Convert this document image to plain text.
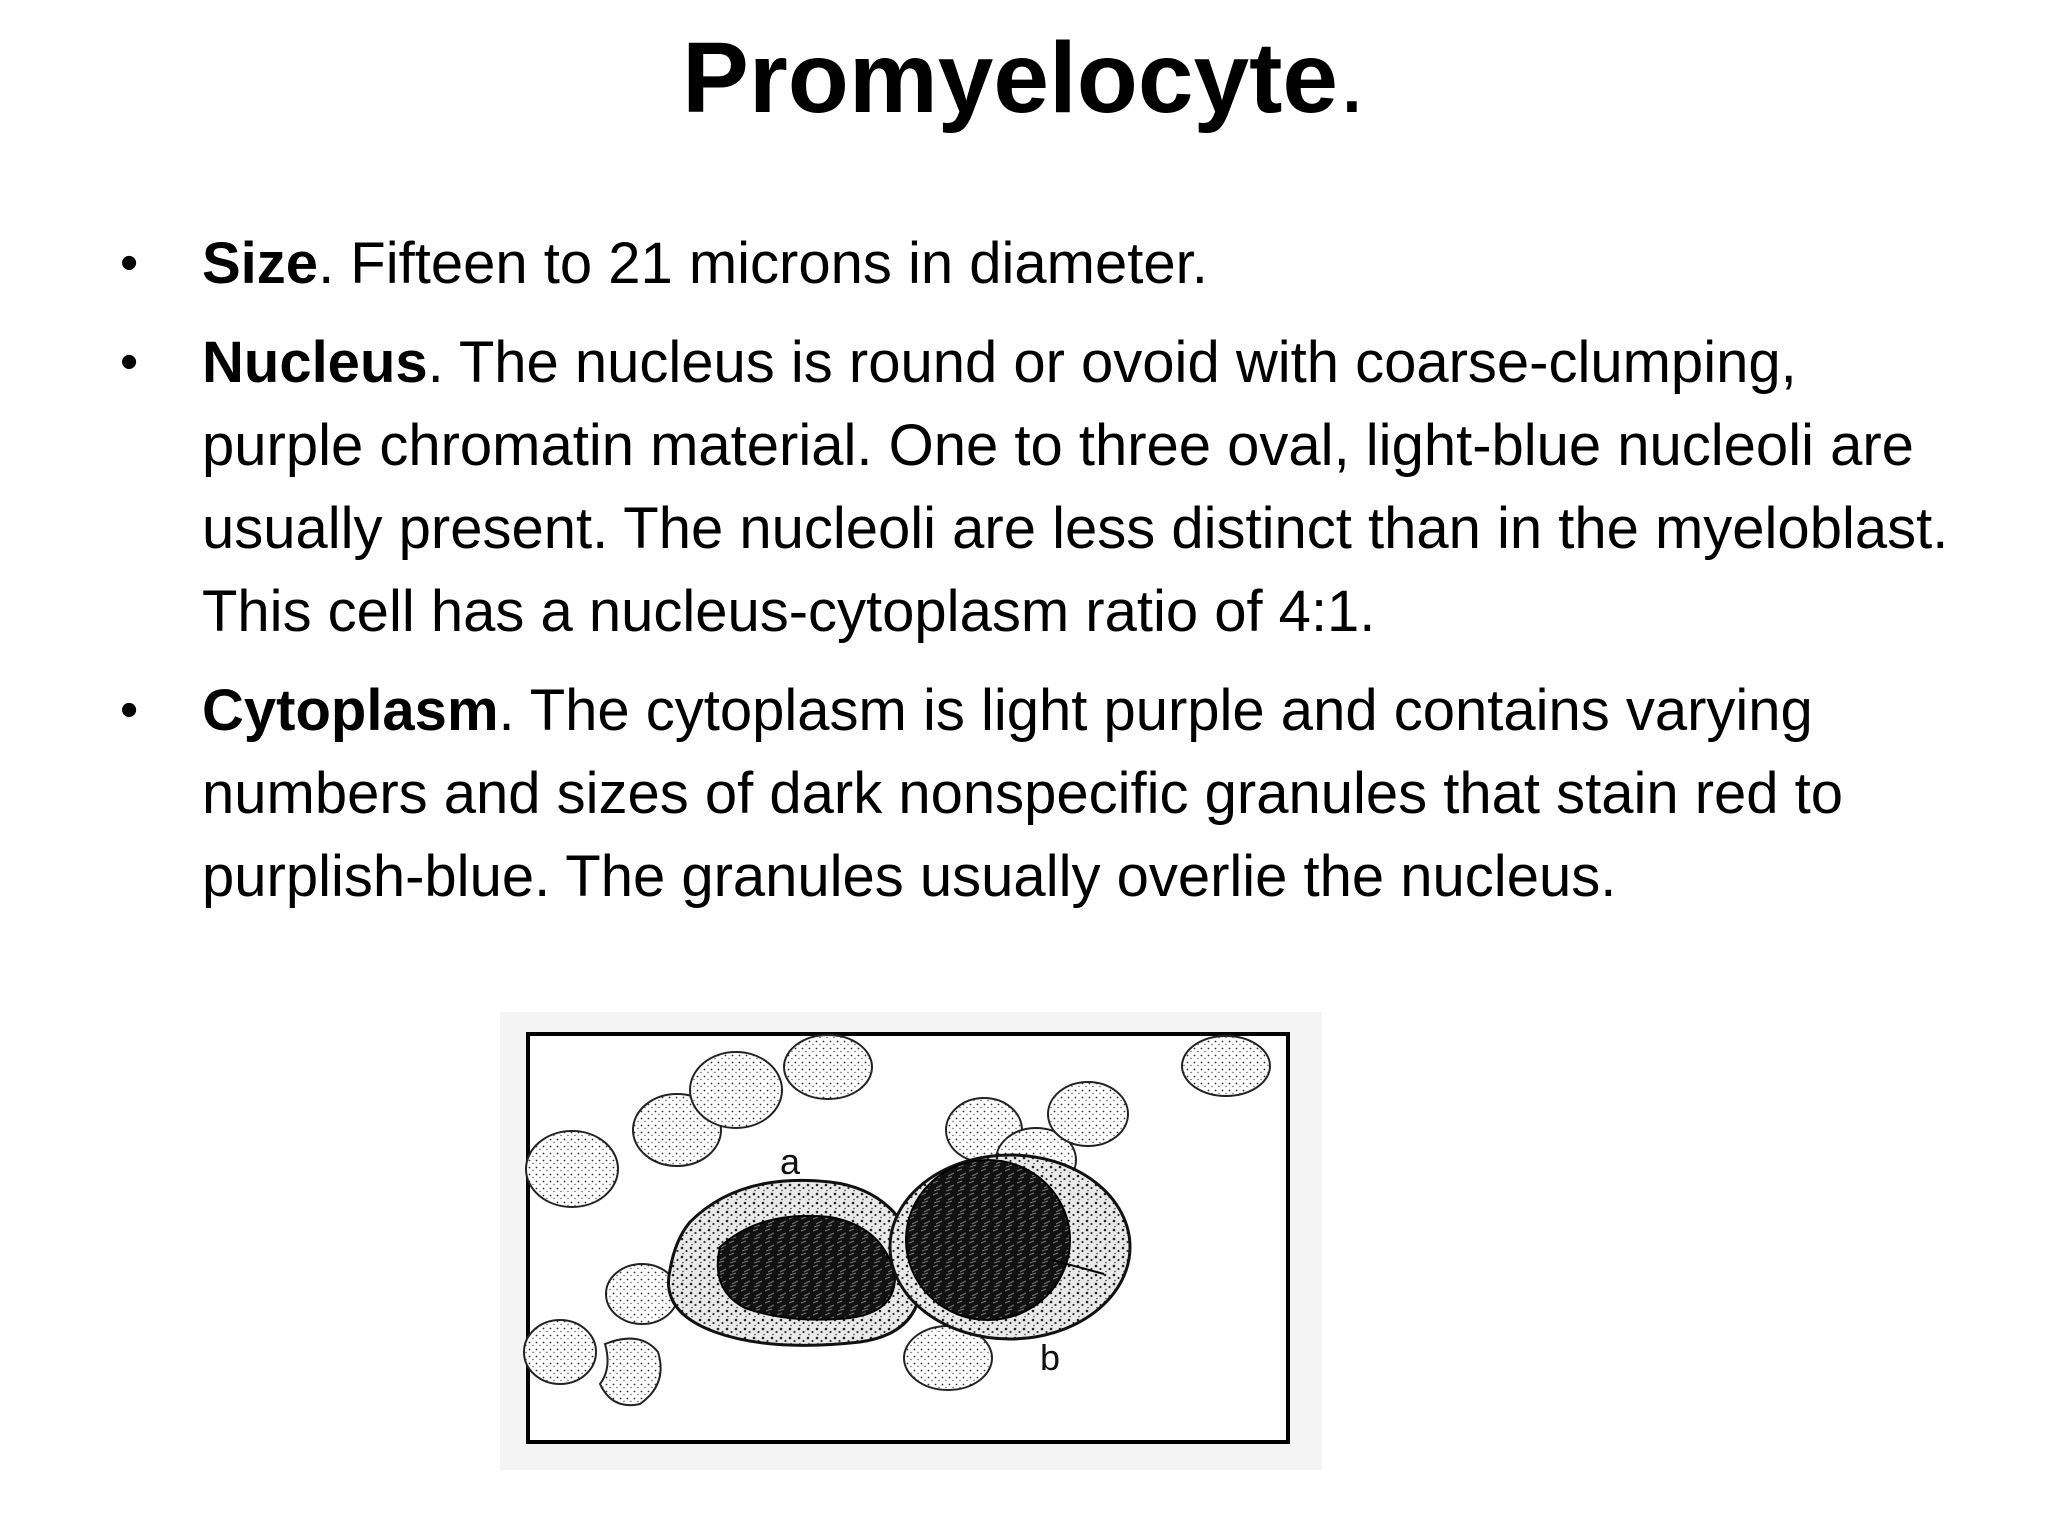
Promyelocyte.
• Size. Fifteen to 21 microns in diameter.
• Nucleus. The nucleus is round or ovoid with coarse-clumping, purple chromatin material. One to three oval, light-blue nucleoli are usually present. The nucleoli are less distinct than in the myeloblast. This cell has a nucleus-cytoplasm ratio of 4:1.
• Cytoplasm. The cytoplasm is light purple and contains varying numbers and sizes of dark nonspecific granules that stain red to purplish-blue. The granules usually overlie the nucleus.
a
b
